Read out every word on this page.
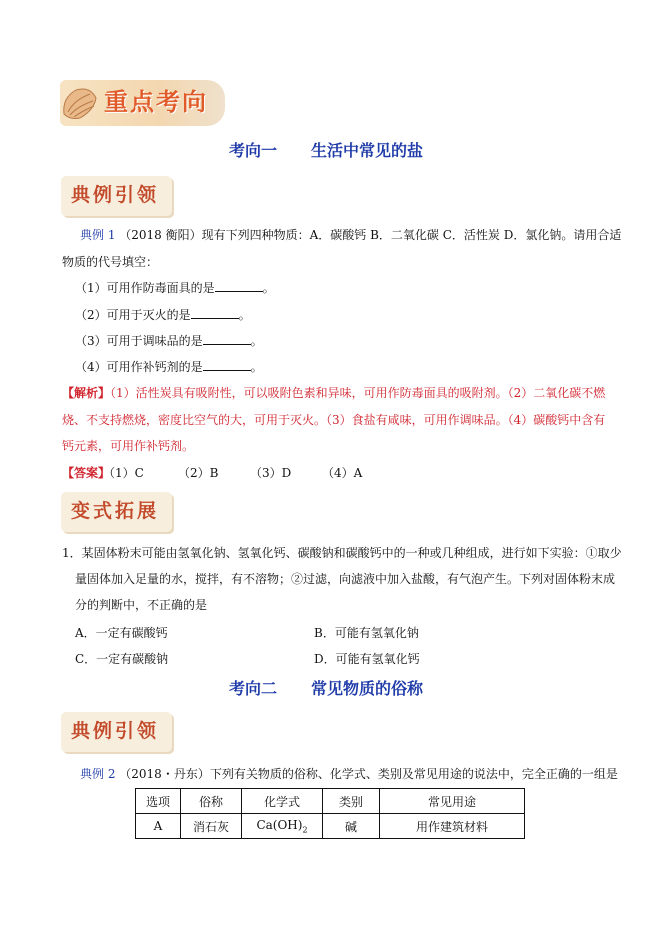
重点考向
考向一 生活中常见的盐
典例引领
典例 1 （2018 衡阳）现有下列四种物质：A．碳酸钙 B．二氧化碳 C．活性炭 D．氯化钠。请用合适
物质的代号填空：
（1）可用作防毒面具的是	。
（2）可用于灭火的是	。
（3）可用于调味品的是	。
（4）可用作补钙剂的是	。
【解析】（1）活性炭具有吸附性，可以吸附色素和异味，可用作防毒面具的吸附剂。（2）二氧化碳不燃
烧、不支持燃烧，密度比空气的大，可用于灭火。（3）食盐有咸味，可用作调味品。（4）碳酸钙中含有
钙元素，可用作补钙剂。
【答案】
（1）C	（2）B	（3）D	（4）A
变式拓展
1．某固体粉末可能由氢氧化钠、氢氧化钙、碳酸钠和碳酸钙中的一种或几种组成，进行如下实验：①取少
量固体加入足量的水，搅拌，有不溶物；②过滤，向滤液中加入盐酸，有气泡产生。下列对固体粉末成
分的判断中，不正确的是
A．一定有碳酸钙	B．可能有氢氧化钠
C．一定有碳酸钠	D．可能有氢氧化钙
考向二 常见物质的俗称
典例引领
典例 2 （2018・丹东）下列有关物质的俗称、化学式、类别及常见用途的说法中，完全正确的一组是
选项	俗称	化学式	类别	常见用途
A	消石灰	$Ca(OH)_2$	碱	用作建筑材料
